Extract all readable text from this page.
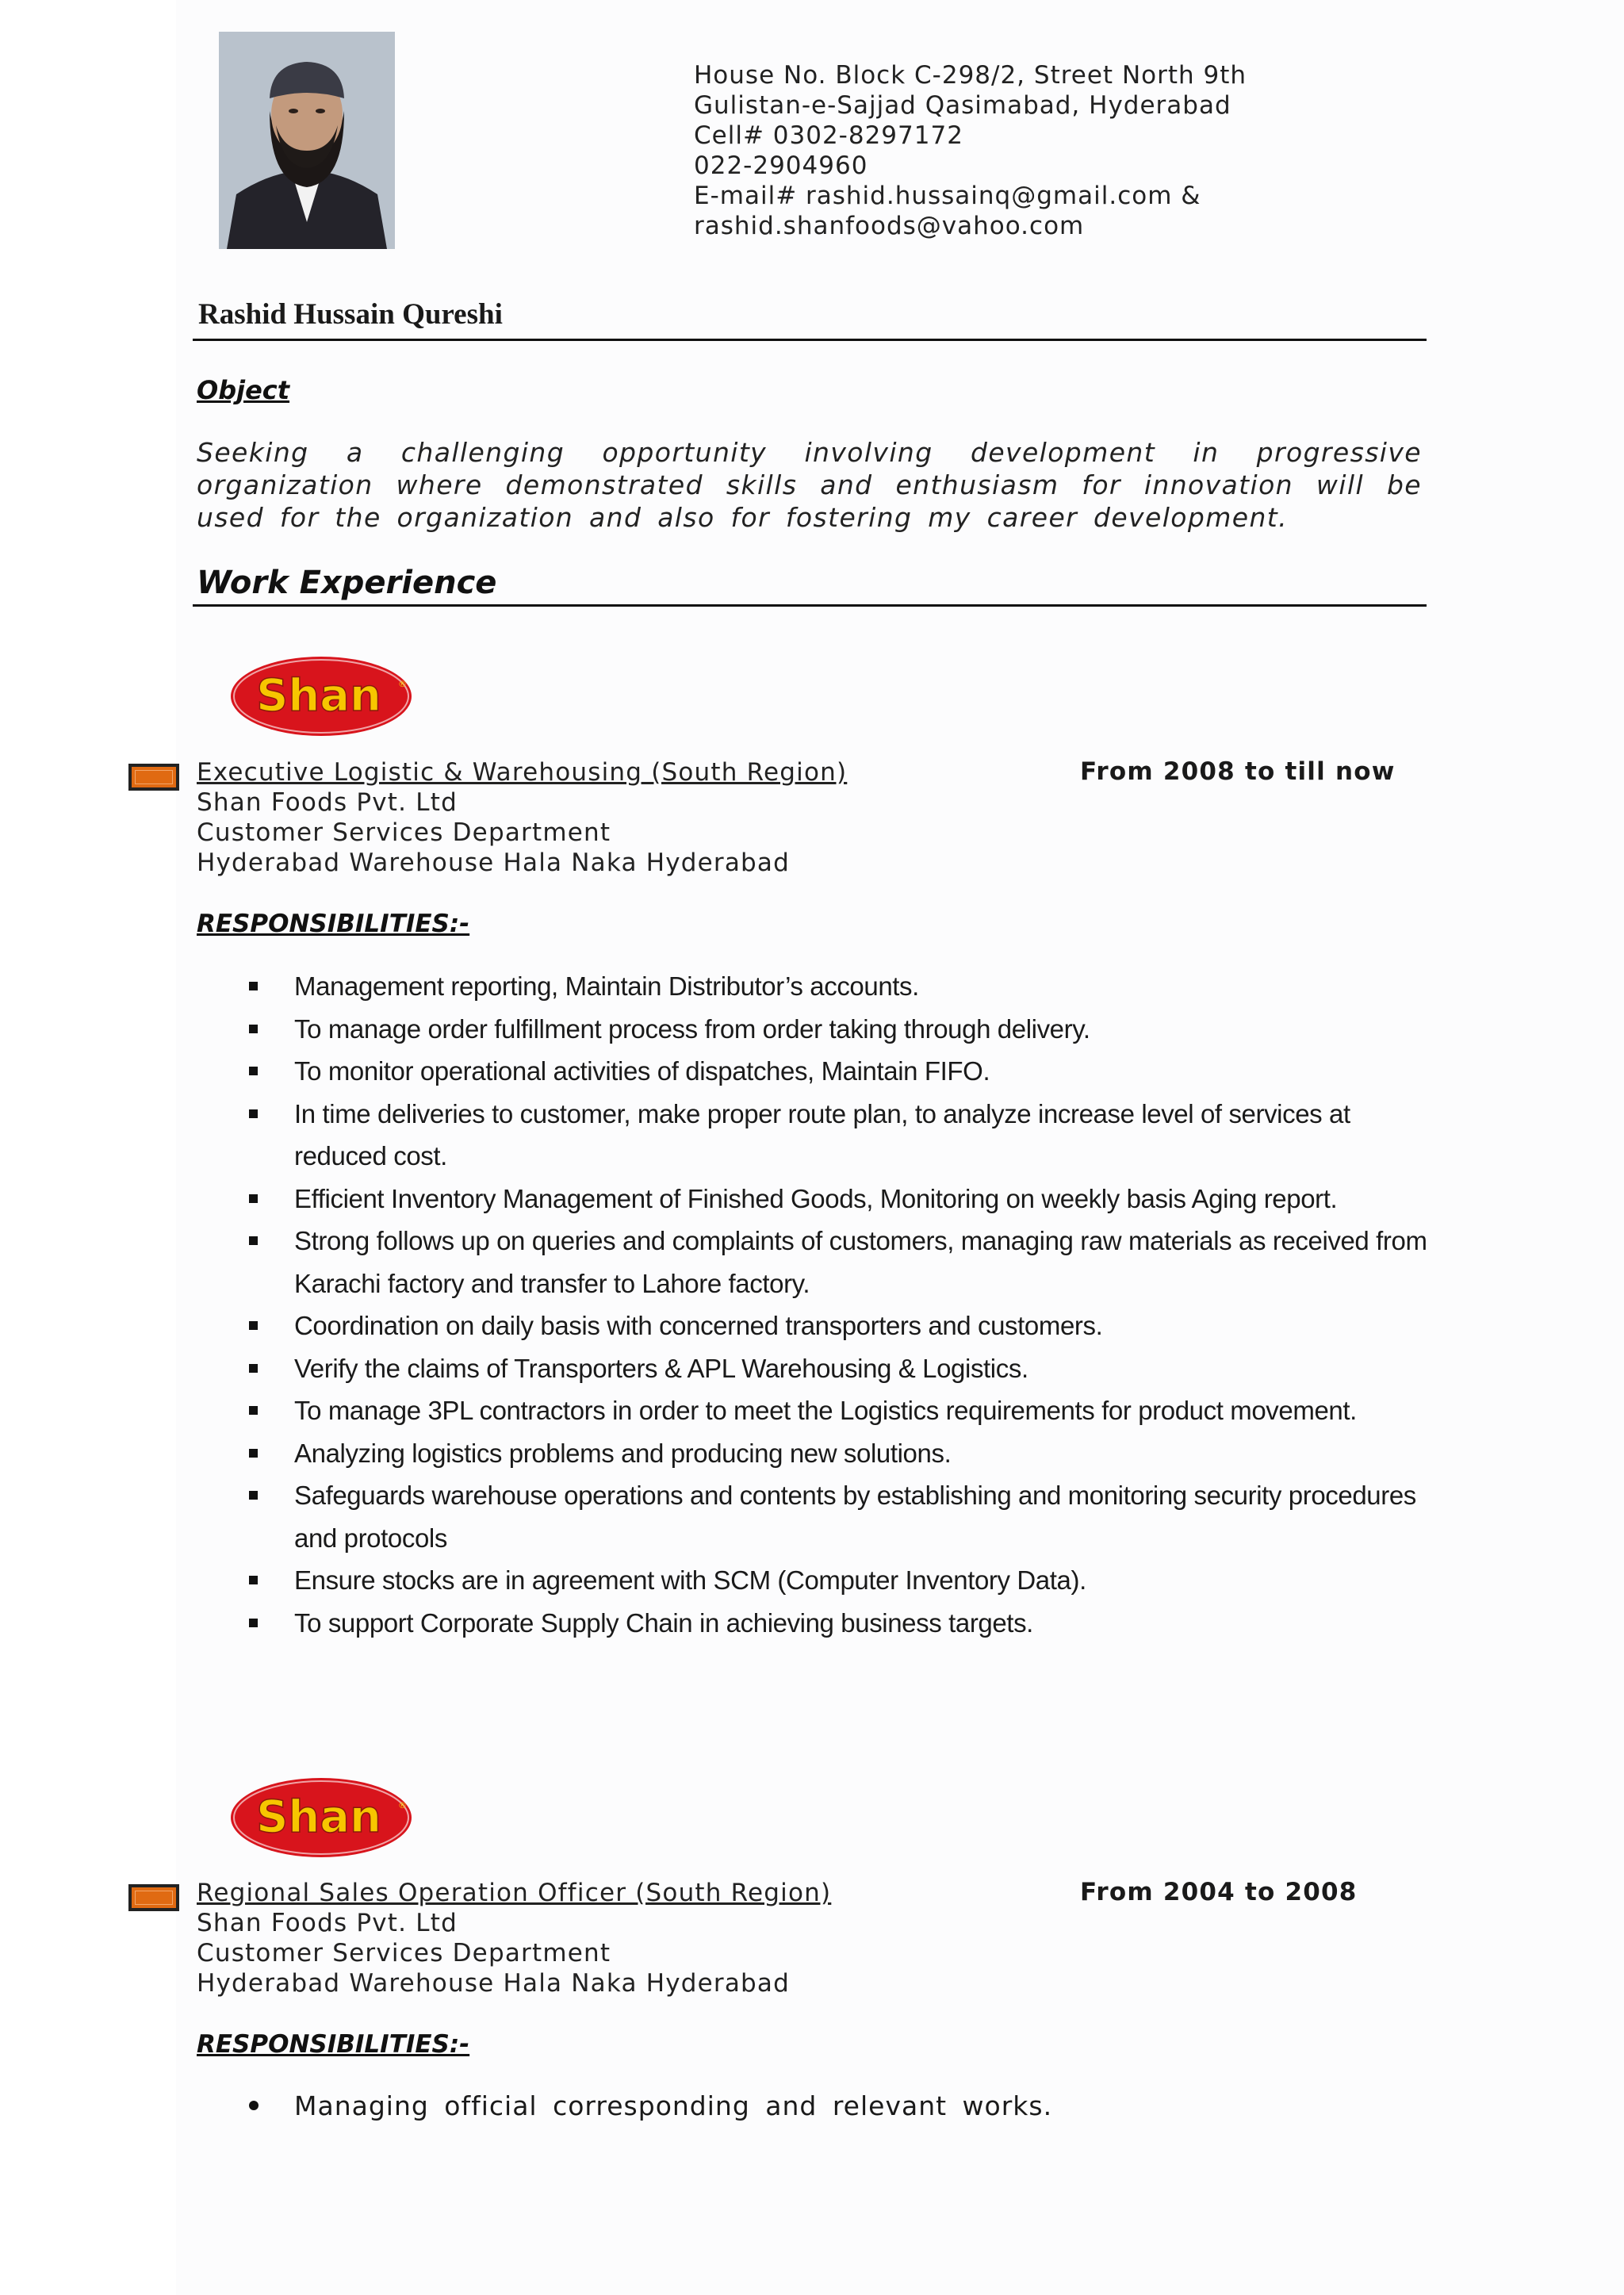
House No. Block C-298/2, Street North 9th
Gulistan-e-Sajjad Qasimabad, Hyderabad
Cell# 0302-8297172
022-2904960
E-mail# rashid.hussainq@gmail.com &
rashid.shanfoods@vahoo.com
Rashid Hussain Qureshi
Object
Seeking a challenging opportunity involving development in progressive organization where demonstrated skills and enthusiasm for innovation will be used for the organization and also for fostering my career development.
Work Experience
Shan ®
Executive Logistic & Warehousing (South Region)
Shan Foods Pvt. Ltd
Customer Services Department
Hyderabad Warehouse Hala Naka Hyderabad
From 2008 to till now
RESPONSIBILITIES:-
Management reporting, Maintain Distributor’s accounts.
To manage order fulfillment process from order taking through delivery.
To monitor operational activities of dispatches, Maintain FIFO.
In time deliveries to customer, make proper route plan, to analyze increase level of services at reduced cost.
Efficient Inventory Management of Finished Goods, Monitoring on weekly basis Aging report.
Strong follows up on queries and complaints of customers, managing raw materials as received from Karachi factory and transfer to Lahore factory.
Coordination on daily basis with concerned transporters and customers.
Verify the claims of Transporters & APL Warehousing & Logistics.
To manage 3PL contractors in order to meet the Logistics requirements for product movement.
Analyzing logistics problems and producing new solutions.
Safeguards warehouse operations and contents by establishing and monitoring security procedures and protocols
Ensure stocks are in agreement with SCM (Computer Inventory Data).
To support Corporate Supply Chain in achieving business targets.
Shan ®
Regional Sales Operation Officer (South Region)
Shan Foods Pvt. Ltd
Customer Services Department
Hyderabad Warehouse Hala Naka Hyderabad
From 2004 to 2008
RESPONSIBILITIES:-
Managing official corresponding and relevant works.
